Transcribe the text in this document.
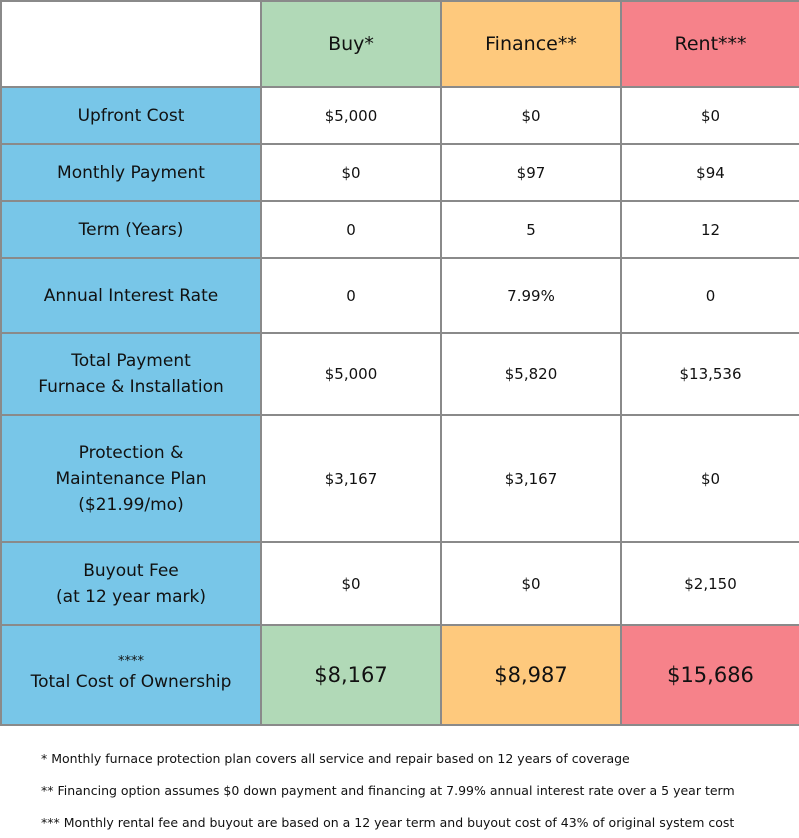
	Buy*	Finance**	Rent***

Upfront Cost	$5,000	$0	$0

Monthly Payment	$0	$97	$94

Term (Years)	0	5	12

Annual Interest Rate	0	7.99%	0

Total Payment
Furnace & Installation	$5,000	$5,820	$13,536

Protection &
Maintenance Plan
($21.99/mo)	$3,167	$3,167	$0

Buyout Fee
(at 12 year mark)	$0	$0	$2,150

****
Total Cost of Ownership	$8,167	$8,987	$15,686
* Monthly furnace protection plan covers all service and repair based on 12 years of coverage
** Financing option assumes $0 down payment and financing at 7.99% annual interest rate over a 5 year term
*** Monthly rental fee and buyout are based on a 12 year term and buyout cost of 43% of original system cost
